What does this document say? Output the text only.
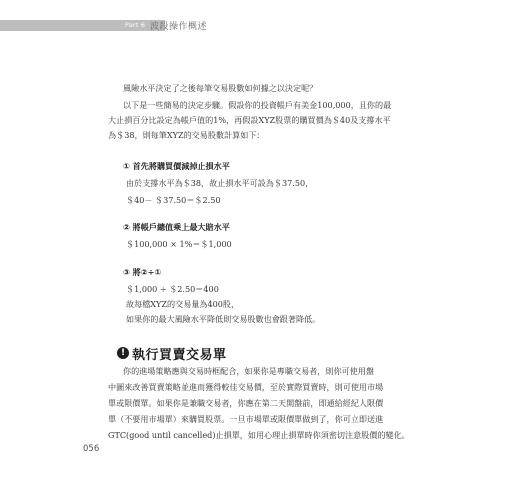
Part 6 波段操作概述
風險水平決定了之後每筆交易股數如何據之以決定呢？
以下是一些簡易的決定步驟。假設你的投資帳戶有美金100,000，且你的最
大止損百分比設定為帳戶值的1%，再假設XYZ股票的購買價為＄40及支撐水平
為＄38，則每筆XYZ的交易股數計算如下：
① 首先將購買價減掉止損水平
由於支撐水平為＄38，故止損水平可設為＄37.50，
＄40－ ＄37.50＝＄2.50
② 將帳戶總值乘上最大賠水平
＄100,000 × 1%＝＄1,000
③ 將②÷①
＄1,000 ÷ ＄2.50＝400
故每檔XYZ的交易量為400股，
如果你的最大風險水平降低則交易股數也會跟著降低。
! 執行買賣交易單
你的進場策略應與交易時框配合，如果你是專職交易者，則你可使用盤
中圖來改善買賣策略並進而獲得較佳交易價，至於實際買賣時，則可使用市場
單或限價單。如果你是兼職交易者，你應在第二天開盤前，即通給經紀人限價
單（不要用市場單）來購買股票。一旦市場單或限價單做到了，你可立即送進
GTC(good until cancelled)止損單，如用心理止損單時你須密切注意股價的變化。
056
